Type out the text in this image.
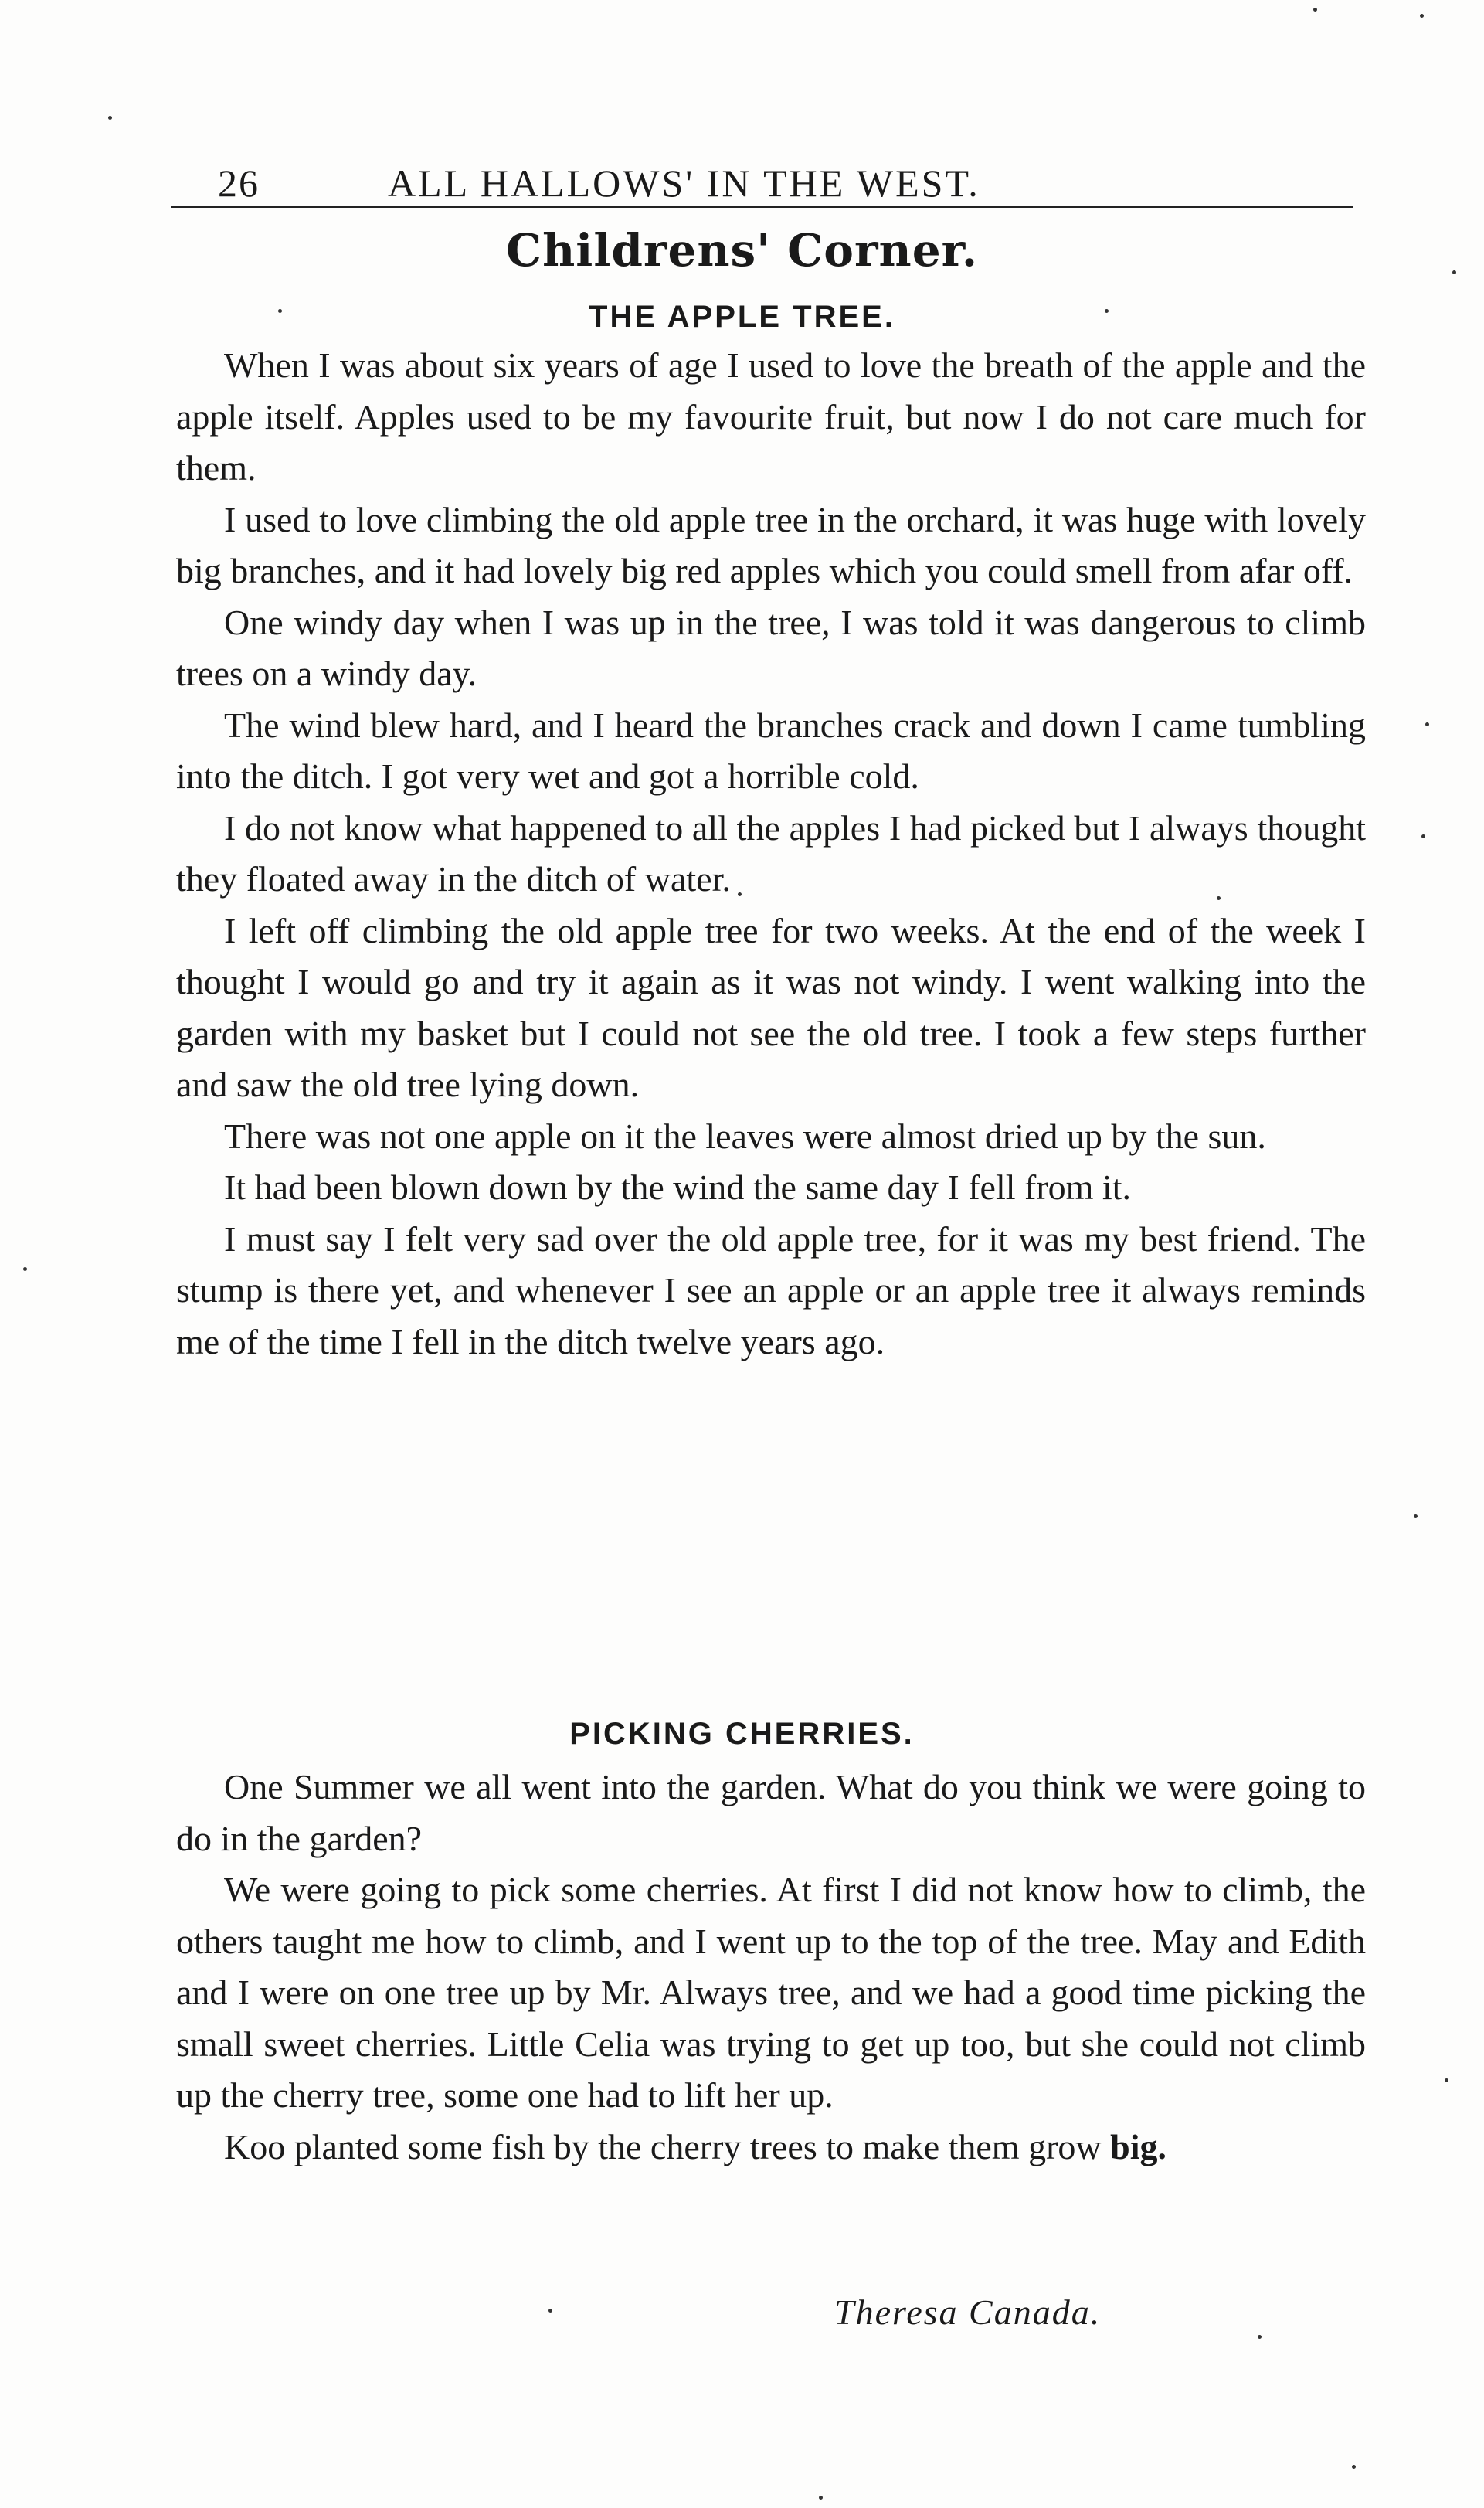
26	ALL HALLOWS' IN THE WEST.
Childrens' Corner.
THE APPLE TREE.

When I was about six years of age I used to love the breath of the apple and the apple itself. Apples used to be my favourite fruit, but now I do not care much for them.

I used to love climbing the old apple tree in the orchard, it was huge with lovely big branches, and it had lovely big red apples which you could smell from afar off.

One windy day when I was up in the tree, I was told it was dangerous to climb trees on a windy day.

The wind blew hard, and I heard the branches crack and down I came tumbling into the ditch. I got very wet and got a horrible cold.

I do not know what happened to all the apples I had picked but I always thought they floated away in the ditch of water.

I left off climbing the old apple tree for two weeks. At the end of the week I thought I would go and try it again as it was not windy. I went walking into the garden with my basket but I could not see the old tree. I took a few steps further and saw the old tree lying down.

There was not one apple on it the leaves were almost dried up by the sun.

It had been blown down by the wind the same day I fell from it.

I must say I felt very sad over the old apple tree, for it was my best friend. The stump is there yet, and whenever I see an apple or an apple tree it always reminds me of the time I fell in the ditch twelve years ago.

PICKING CHERRIES.

One Summer we all went into the garden. What do you think we were going to do in the garden?

We were going to pick some cherries. At first I did not know how to climb, the others taught me how to climb, and I went up to the top of the tree. May and Edith and I were on one tree up by Mr. Always tree, and we had a good time picking the small sweet cherries. Little Celia was trying to get up too, but she could not climb up the cherry tree, some one had to lift her up.

Koo planted some fish by the cherry trees to make them grow big.

Theresa Canada.
